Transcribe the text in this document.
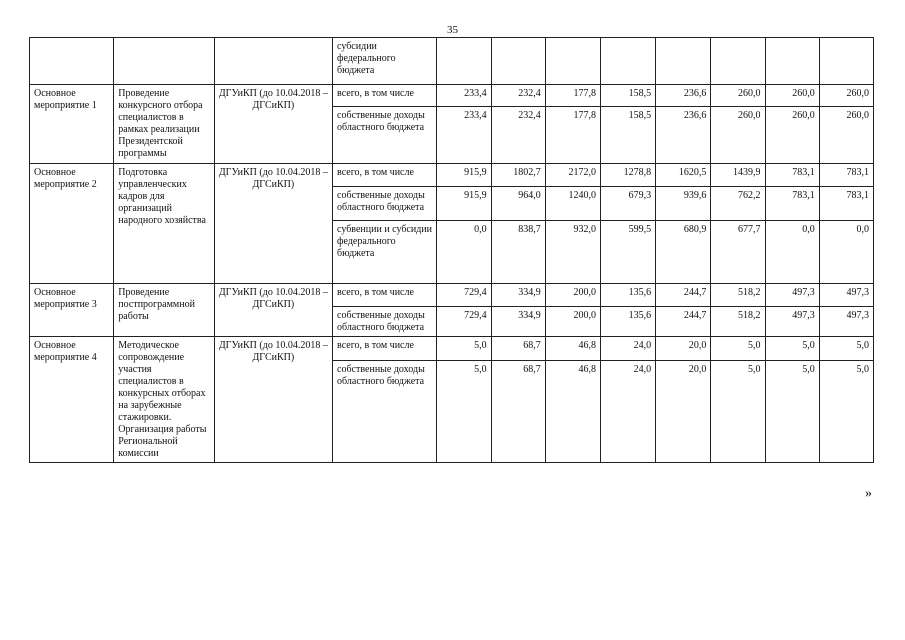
35
			субсидии федерального бюджета								
Основное мероприятие 1	Проведение конкурсного отбора специалистов в рамках реализации Президентской программы	ДГУиКП (до 10.04.2018 – ДГСиКП)	всего, в том числе	233,4	232,4	177,8	158,5	236,6	260,0	260,0	260,0
			собственные доходы областного бюджета	233,4	232,4	177,8	158,5	236,6	260,0	260,0	260,0
Основное мероприятие 2	Подготовка управленческих кадров для организаций народного хозяйства	ДГУиКП (до 10.04.2018 – ДГСиКП)	всего, в том числе	915,9	1802,7	2172,0	1278,8	1620,5	1439,9	783,1	783,1
			собственные доходы областного бюджета	915,9	964,0	1240,0	679,3	939,6	762,2	783,1	783,1
			субвенции и субсидии федерального бюджета	0,0	838,7	932,0	599,5	680,9	677,7	0,0	0,0
Основное мероприятие 3	Проведение постпрограммной работы	ДГУиКП (до 10.04.2018 – ДГСиКП)	всего, в том числе	729,4	334,9	200,0	135,6	244,7	518,2	497,3	497,3
			собственные доходы областного бюджета	729,4	334,9	200,0	135,6	244,7	518,2	497,3	497,3
Основное мероприятие 4	Методическое сопровождение участия специалистов в конкурсных отборах на зарубежные стажировки. Организация работы Региональной комиссии	ДГУиКП (до 10.04.2018 – ДГСиКП)	всего, в том числе	5,0	68,7	46,8	24,0	20,0	5,0	5,0	5,0
			собственные доходы областного бюджета	5,0	68,7	46,8	24,0	20,0	5,0	5,0	5,0
»
